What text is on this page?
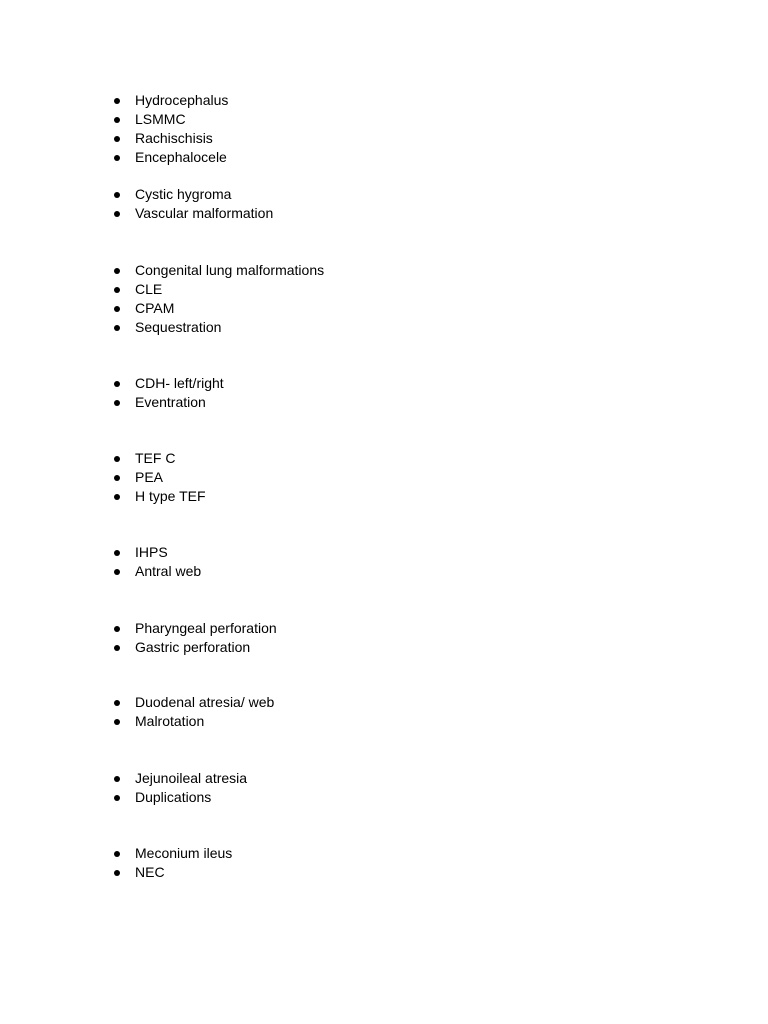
Hydrocephalus
LSMMC
Rachischisis
Encephalocele
Cystic hygroma
Vascular malformation
Congenital lung malformations
CLE
CPAM
Sequestration
CDH- left/right
Eventration
TEF C
PEA
H type TEF
IHPS
Antral web
Pharyngeal perforation
Gastric perforation
Duodenal atresia/ web
Malrotation
Jejunoileal atresia
Duplications
Meconium ileus
NEC
